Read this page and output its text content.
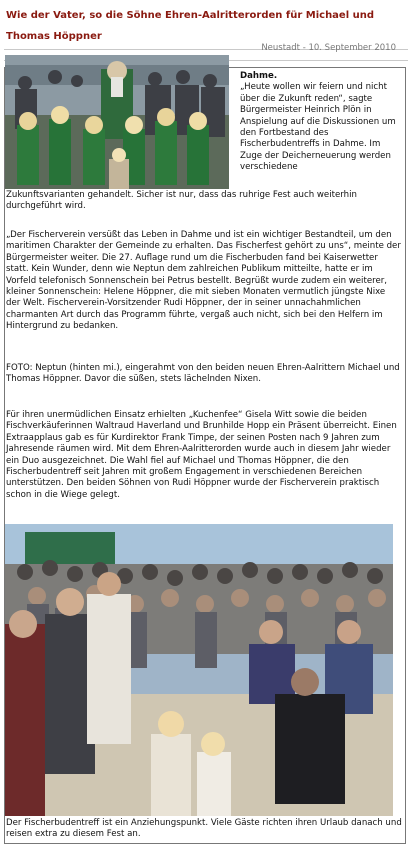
Wie der Vater, so die Söhne Ehren-Aalritterorden für Michael und Thomas Höppner
Neustadt - 10. September 2010
Dahme.
„Heute wollen wir feiern und nicht über die Zukunft reden“, sagte Bürgermeister Heinrich Plön in Anspielung auf die Diskussionen um den Fortbestand des Fischerbudentreffs in Dahme. Im Zuge der Deicherneuerung werden verschiedene
Zukunftsvarianten gehandelt. Sicher ist nur, dass das ruhrige Fest auch weiterhin durchgeführt wird.
„Der Fischerverein versüßt das Leben in Dahme und ist ein wichtiger Bestandteil, um den maritimen Charakter der Gemeinde zu erhalten. Das Fischerfest gehört zu uns“, meinte der Bürgermeister weiter. Die 27. Auflage rund um die Fischerbuden fand bei Kaiserwetter statt. Kein Wunder, denn wie Neptun dem zahlreichen Publikum mitteilte, hatte er im Vorfeld telefonisch Sonnenschein bei Petrus bestellt. Begrüßt wurde zudem ein weiterer, kleiner Sonnenschein: Helene Höppner, die mit sieben Monaten vermutlich jüngste Nixe der Welt. Fischerverein-Vorsitzender Rudi Höppner, der in seiner unnachahmlichen charmanten Art durch das Programm führte, vergaß auch nicht, sich bei den Helfern im Hintergrund zu bedanken.
FOTO: Neptun (hinten mi.), eingerahmt von den beiden neuen Ehren-Aalrittern Michael und Thomas Höppner. Davor die süßen, stets lächelnden Nixen.
Für ihren unermüdlichen Einsatz erhielten „Kuchenfee“ Gisela Witt sowie die beiden Fischverkäuferinnen Waltraud Haverland und Brunhilde Hopp ein Präsent überreicht. Einen Extraapplaus gab es für Kurdirektor Frank Timpe, der seinen Posten nach 9 Jahren zum Jahresende räumen wird. Mit dem Ehren-Aalritterorden wurde auch in diesem Jahr wieder ein Duo ausgezeichnet. Die Wahl fiel auf Michael und Thomas Höppner, die den Fischerbudentreff seit Jahren mit großem Engagement in verschiedenen Bereichen unterstützen. Den beiden Söhnen von Rudi Höppner wurde der Fischerverein praktisch schon in die Wiege gelegt.
Der Fischerbudentreff ist ein Anziehungspunkt. Viele Gäste richten ihren Urlaub danach und reisen extra zu diesem Fest an.
